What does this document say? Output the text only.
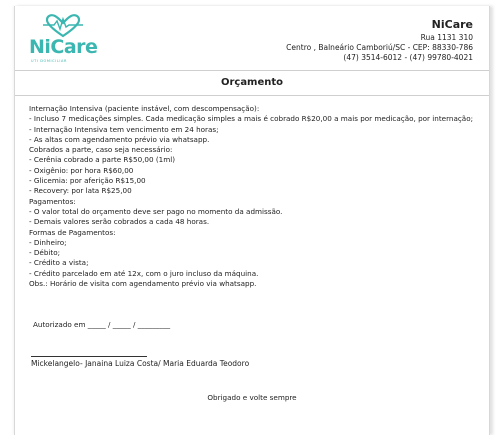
NiCare
UTI DOMICILIAR
NiCare
Rua 1131 310
Centro , Balneário Camboriú/SC - CEP: 88330-786
(47) 3514-6012 - (47) 99780-4021
Orçamento
Internação Intensiva (paciente instável, com descompensação):
- Incluso 7 medicações simples. Cada medicação simples a mais é cobrado R$20,00 a mais por medicação, por internação;
- Internação Intensiva tem vencimento em 24 horas;
- As altas com agendamento prévio via whatsapp.
Cobrados a parte, caso seja necessário:
- Cerênia cobrado a parte R$50,00 (1ml)
- Oxigênio: por hora R$60,00
- Glicemia: por aferição R$15,00
- Recovery: por lata R$25,00
Pagamentos:
- O valor total do orçamento deve ser pago no momento da admissão.
- Demais valores serão cobrados a cada 48 horas.
Formas de Pagamentos:
- Dinheiro;
- Débito;
- Crédito a vista;
- Crédito parcelado em até 12x, com o juro incluso da máquina.
Obs.: Horário de visita com agendamento prévio via whatsapp.
Autorizado em _____ / _____ / _________
Mickelangelo- Janaina Luiza Costa/ Maria Eduarda Teodoro
Obrigado e volte sempre
